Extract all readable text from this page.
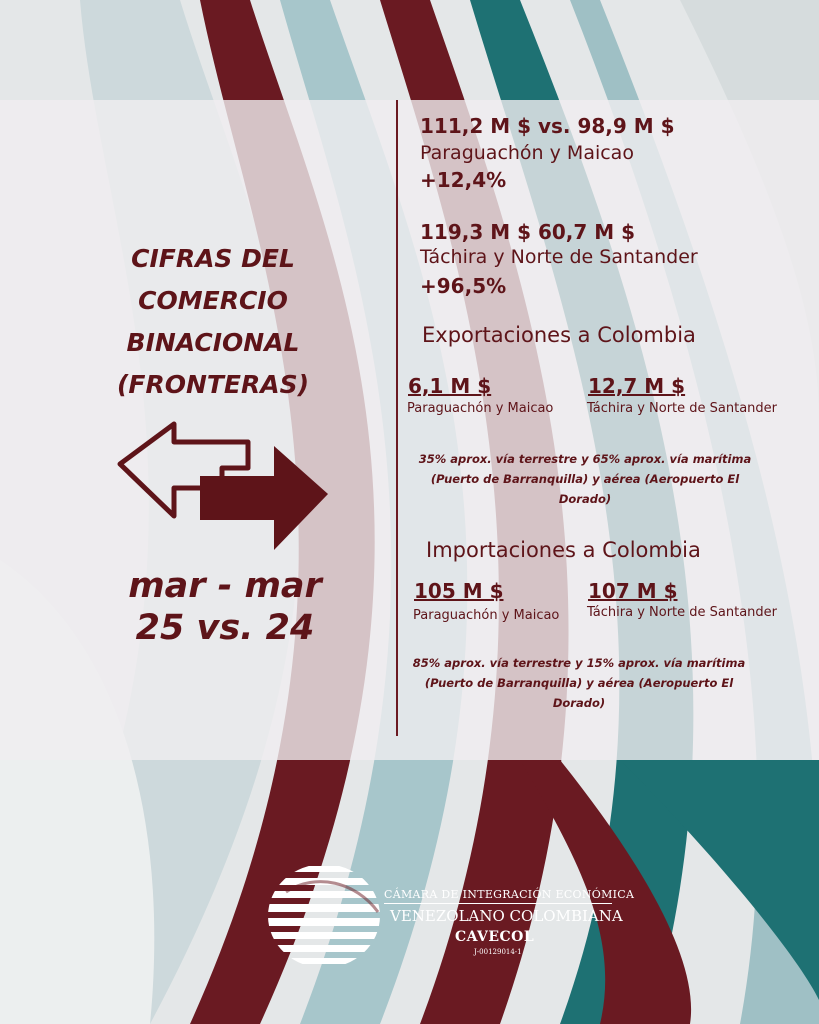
CIFRAS DEL
COMERCIO
BINACIONAL
(FRONTERAS)
mar - mar
25 vs. 24
111,2 M $ vs. 98,9 M $
Paraguachón y Maicao
+12,4%
119,3 M $ 60,7 M $
Táchira y Norte de Santander
+96,5%
Exportaciones a Colombia
6,1 M $
Paraguachón y Maicao
12,7 M $
Táchira y Norte de Santander
35% aprox. vía terrestre y 65% aprox. vía marítima
(Puerto de Barranquilla) y aérea (Aeropuerto El
Dorado)
Importaciones a Colombia
105 M $
Paraguachón y Maicao
107 M $
Táchira y Norte de Santander
85% aprox. vía terrestre y 15% aprox. vía marítima
(Puerto de Barranquilla) y aérea (Aeropuerto El
Dorado)
CÁMARA DE INTEGRACIÓN ECONÓMICA
VENEZOLANO COLOMBIANA
CAVECOL
J-00129014-1
